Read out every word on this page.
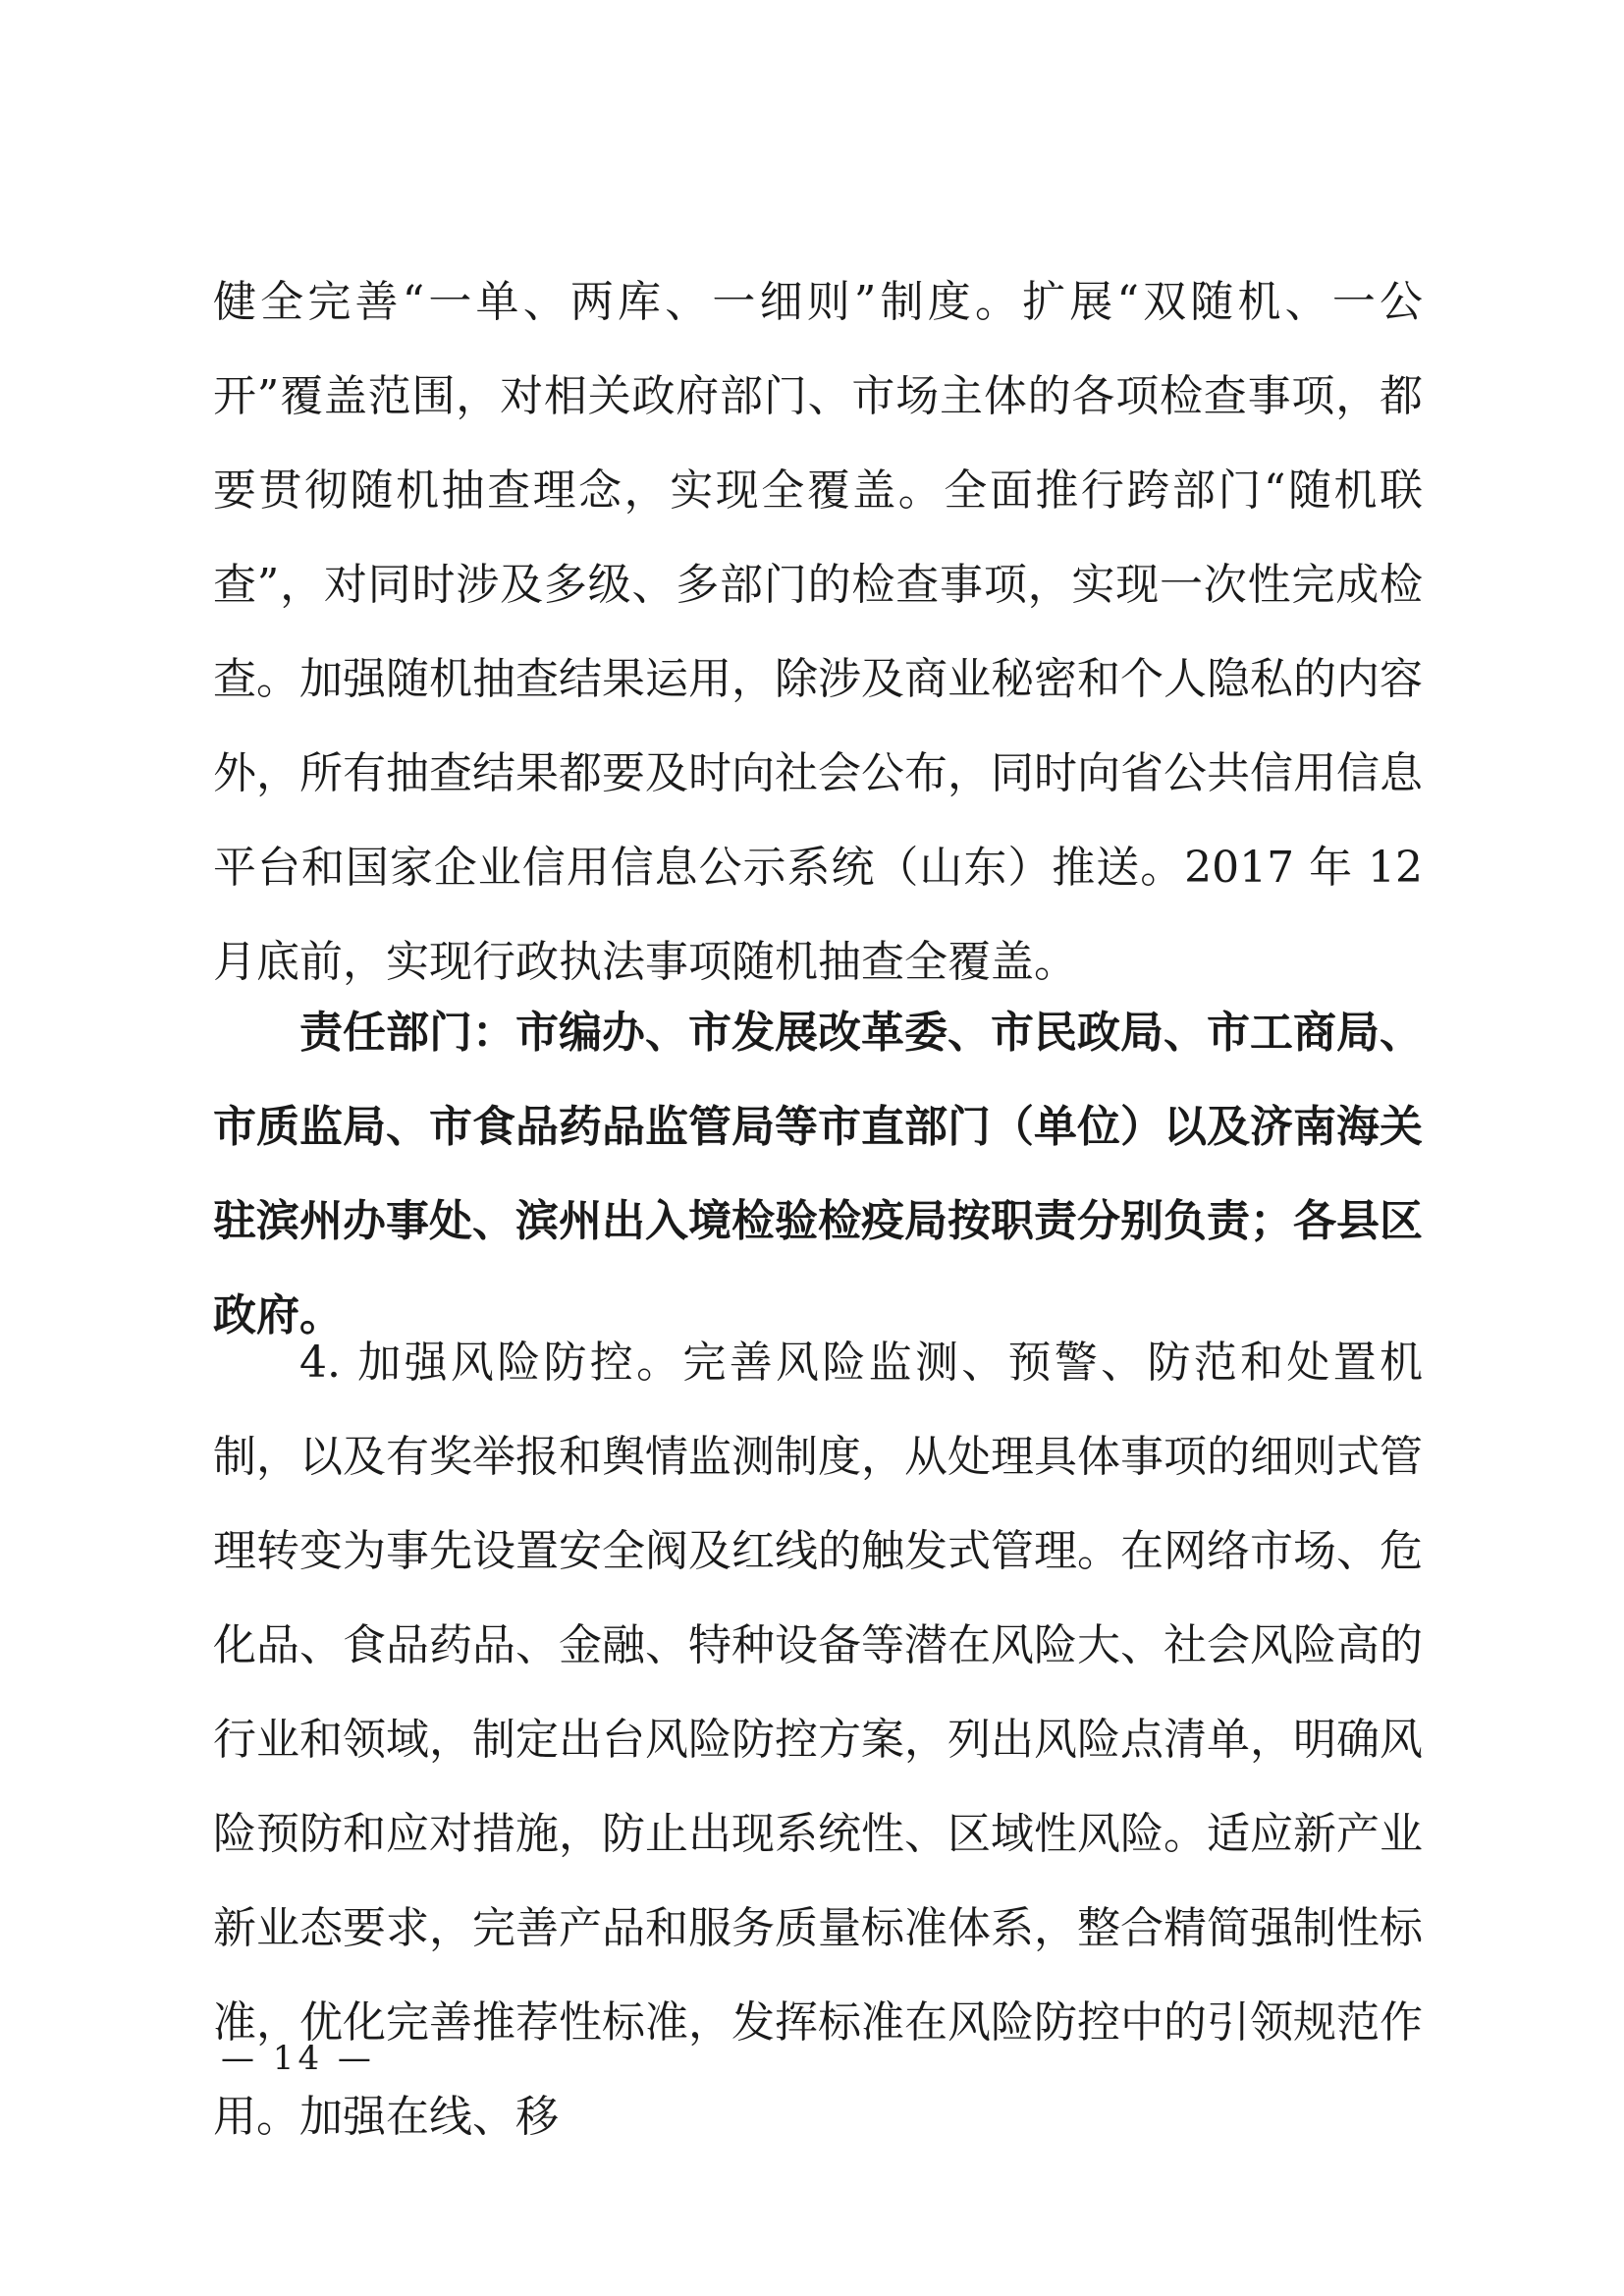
健全完善“一单、两库、一细则”制度。扩展“双随机、一公开”覆盖范围，对相关政府部门、市场主体的各项检查事项，都要贯彻随机抽查理念，实现全覆盖。全面推行跨部门“随机联查”，对同时涉及多级、多部门的检查事项，实现一次性完成检查。加强随机抽查结果运用，除涉及商业秘密和个人隐私的内容外，所有抽查结果都要及时向社会公布，同时向省公共信用信息平台和国家企业信用信息公示系统（山东）推送。2017 年 12 月底前，实现行政执法事项随机抽查全覆盖。

责任部门：市编办、市发展改革委、市民政局、市工商局、市质监局、市食品药品监管局等市直部门（单位）以及济南海关驻滨州办事处、滨州出入境检验检疫局按职责分别负责；各县区政府。

4. 加强风险防控。完善风险监测、预警、防范和处置机制，以及有奖举报和舆情监测制度，从处理具体事项的细则式管理转变为事先设置安全阀及红线的触发式管理。在网络市场、危化品、食品药品、金融、特种设备等潜在风险大、社会风险高的行业和领域，制定出台风险防控方案，列出风险点清单，明确风险预防和应对措施，防止出现系统性、区域性风险。适应新产业新业态要求，完善产品和服务质量标准体系，整合精简强制性标准，优化完善推荐性标准，发挥标准在风险防控中的引领规范作用。加强在线、移

— 14 —
